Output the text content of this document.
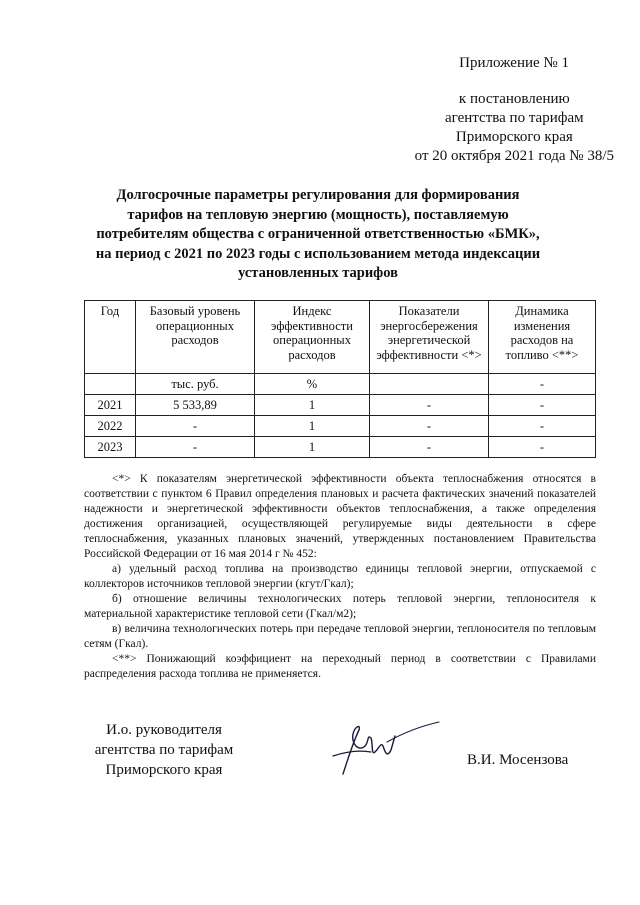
Приложение № 1
к постановлению
агентства по тарифам
Приморского края
от 20 октября 2021 года № 38/5
Долгосрочные параметры регулирования для формирования тарифов на тепловую энергию (мощность), поставляемую потребителям общества с ограниченной ответственностью «БМК», на период с 2021 по 2023 годы с использованием метода индексации установленных тарифов
Год	Базовый уровень операционных расходов	Индекс эффективности операционных расходов	Показатели энергосбережения энергетической эффективности <*>	Динамика изменения расходов на топливо <**>
	тыс. руб.	%		-
2021	5 533,89	1	-	-
2022	-	1	-	-
2023	-	1	-	-

<*> К показателям энергетической эффективности объекта теплоснабжения относятся в соответствии с пунктом 6 Правил определения плановых и расчета фактических значений показателей надежности и энергетической эффективности объектов теплоснабжения, а также определения достижения организацией, осуществляющей регулируемые виды деятельности в сфере теплоснабжения, указанных плановых значений, утвержденных постановлением Правительства Российской Федерации от 16 мая 2014 г № 452:

а) удельный расход топлива на производство единицы тепловой энергии, отпускаемой с коллекторов источников тепловой энергии (кгут/Гкал);

б) отношение величины технологических потерь тепловой энергии, теплоносителя к материальной характеристике тепловой сети (Гкал/м2);

в) величина технологических потерь при передаче тепловой энергии, теплоносителя по тепловым сетям (Гкал).

<**> Понижающий коэффициент на переходный период в соответствии с Правилами распределения расхода топлива не применяется.

И.о. руководителя
агентства по тарифам
Приморского края
В.И. Мосензова
